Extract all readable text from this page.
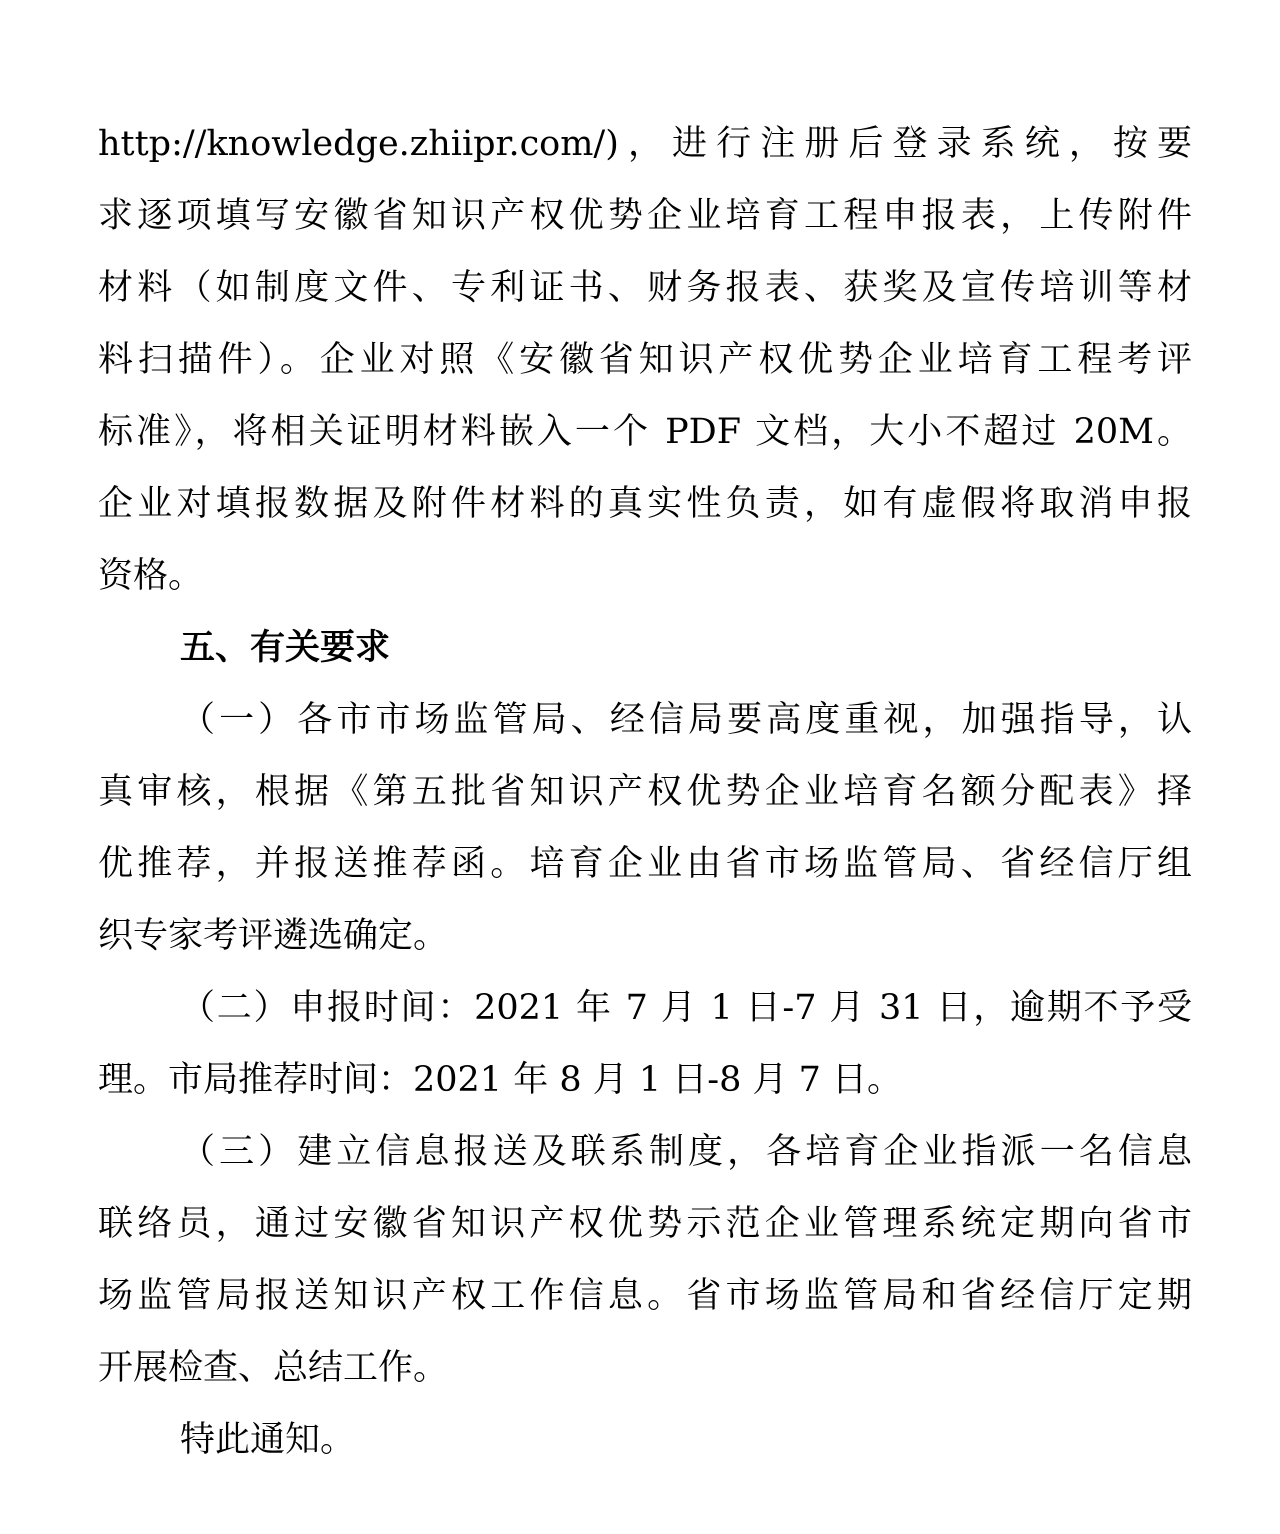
http://knowledge.zhiipr.com/)，进行注册后登录系统，按要
求逐项填写安徽省知识产权优势企业培育工程申报表，上传附件
材料（如制度文件、专利证书、财务报表、获奖及宣传培训等材
料扫描件）。企业对照《安徽省知识产权优势企业培育工程考评
标准》，将相关证明材料嵌入一个 PDF 文档，大小不超过 20M。
企业对填报数据及附件材料的真实性负责，如有虚假将取消申报
资格。
五、有关要求
（一）各市市场监管局、经信局要高度重视，加强指导，认
真审核，根据《第五批省知识产权优势企业培育名额分配表》择
优推荐，并报送推荐函。培育企业由省市场监管局、省经信厅组
织专家考评遴选确定。
（二）申报时间：2021 年 7 月 1 日-7 月 31 日，逾期不予受
理。市局推荐时间：2021 年 8 月 1 日-8 月 7 日。
（三）建立信息报送及联系制度，各培育企业指派一名信息
联络员，通过安徽省知识产权优势示范企业管理系统定期向省市
场监管局报送知识产权工作信息。省市场监管局和省经信厅定期
开展检查、总结工作。
特此通知。
